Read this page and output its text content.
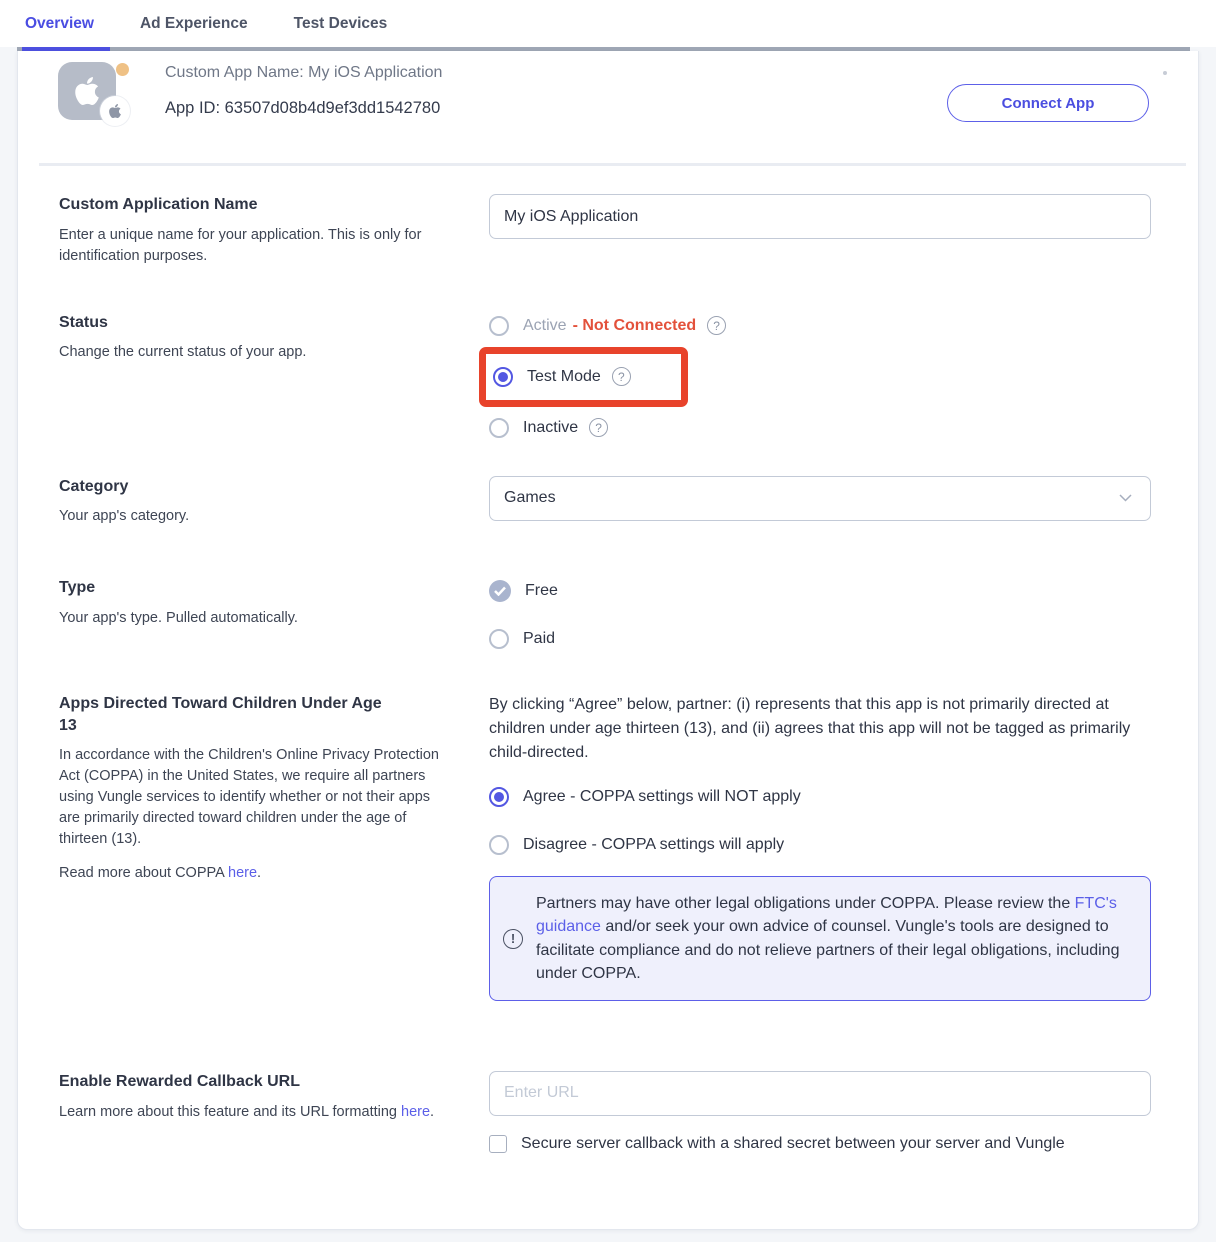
Overview	Ad Experience	Test Devices
Custom App Name: My iOS Application
App ID: 63507d08b4d9ef3dd1542780	Connect App
Custom Application Name

Enter a unique name for your application. This is only for identification purposes.

My iOS Application
Status

Change the current status of your app.

Active - Not Connected	?
Test Mode	?
Inactive	?
Category

Your app's category.

Games
Type

Your app's type. Pulled automatically.

Free
Paid
Apps Directed Toward Children Under Age 13

In accordance with the Children's Online Privacy Protection Act (COPPA) in the United States, we require all partners using Vungle services to identify whether or not their apps are primarily directed toward children under the age of thirteen (13).

Read more about COPPA here.

By clicking “Agree” below, partner: (i) represents that this app is not primarily directed at children under age thirteen (13), and (ii) agrees that this app will not be tagged as primarily child-directed.

Agree - COPPA settings will NOT apply
Disagree - COPPA settings will apply
!
Partners may have other legal obligations under COPPA. Please review the FTC's guidance and/or seek your own advice of counsel. Vungle's tools are designed to facilitate compliance and do not relieve partners of their legal obligations, including under COPPA.
Enable Rewarded Callback URL

Learn more about this feature and its URL formatting here.

Enter URL
Secure server callback with a shared secret between your server and Vungle
